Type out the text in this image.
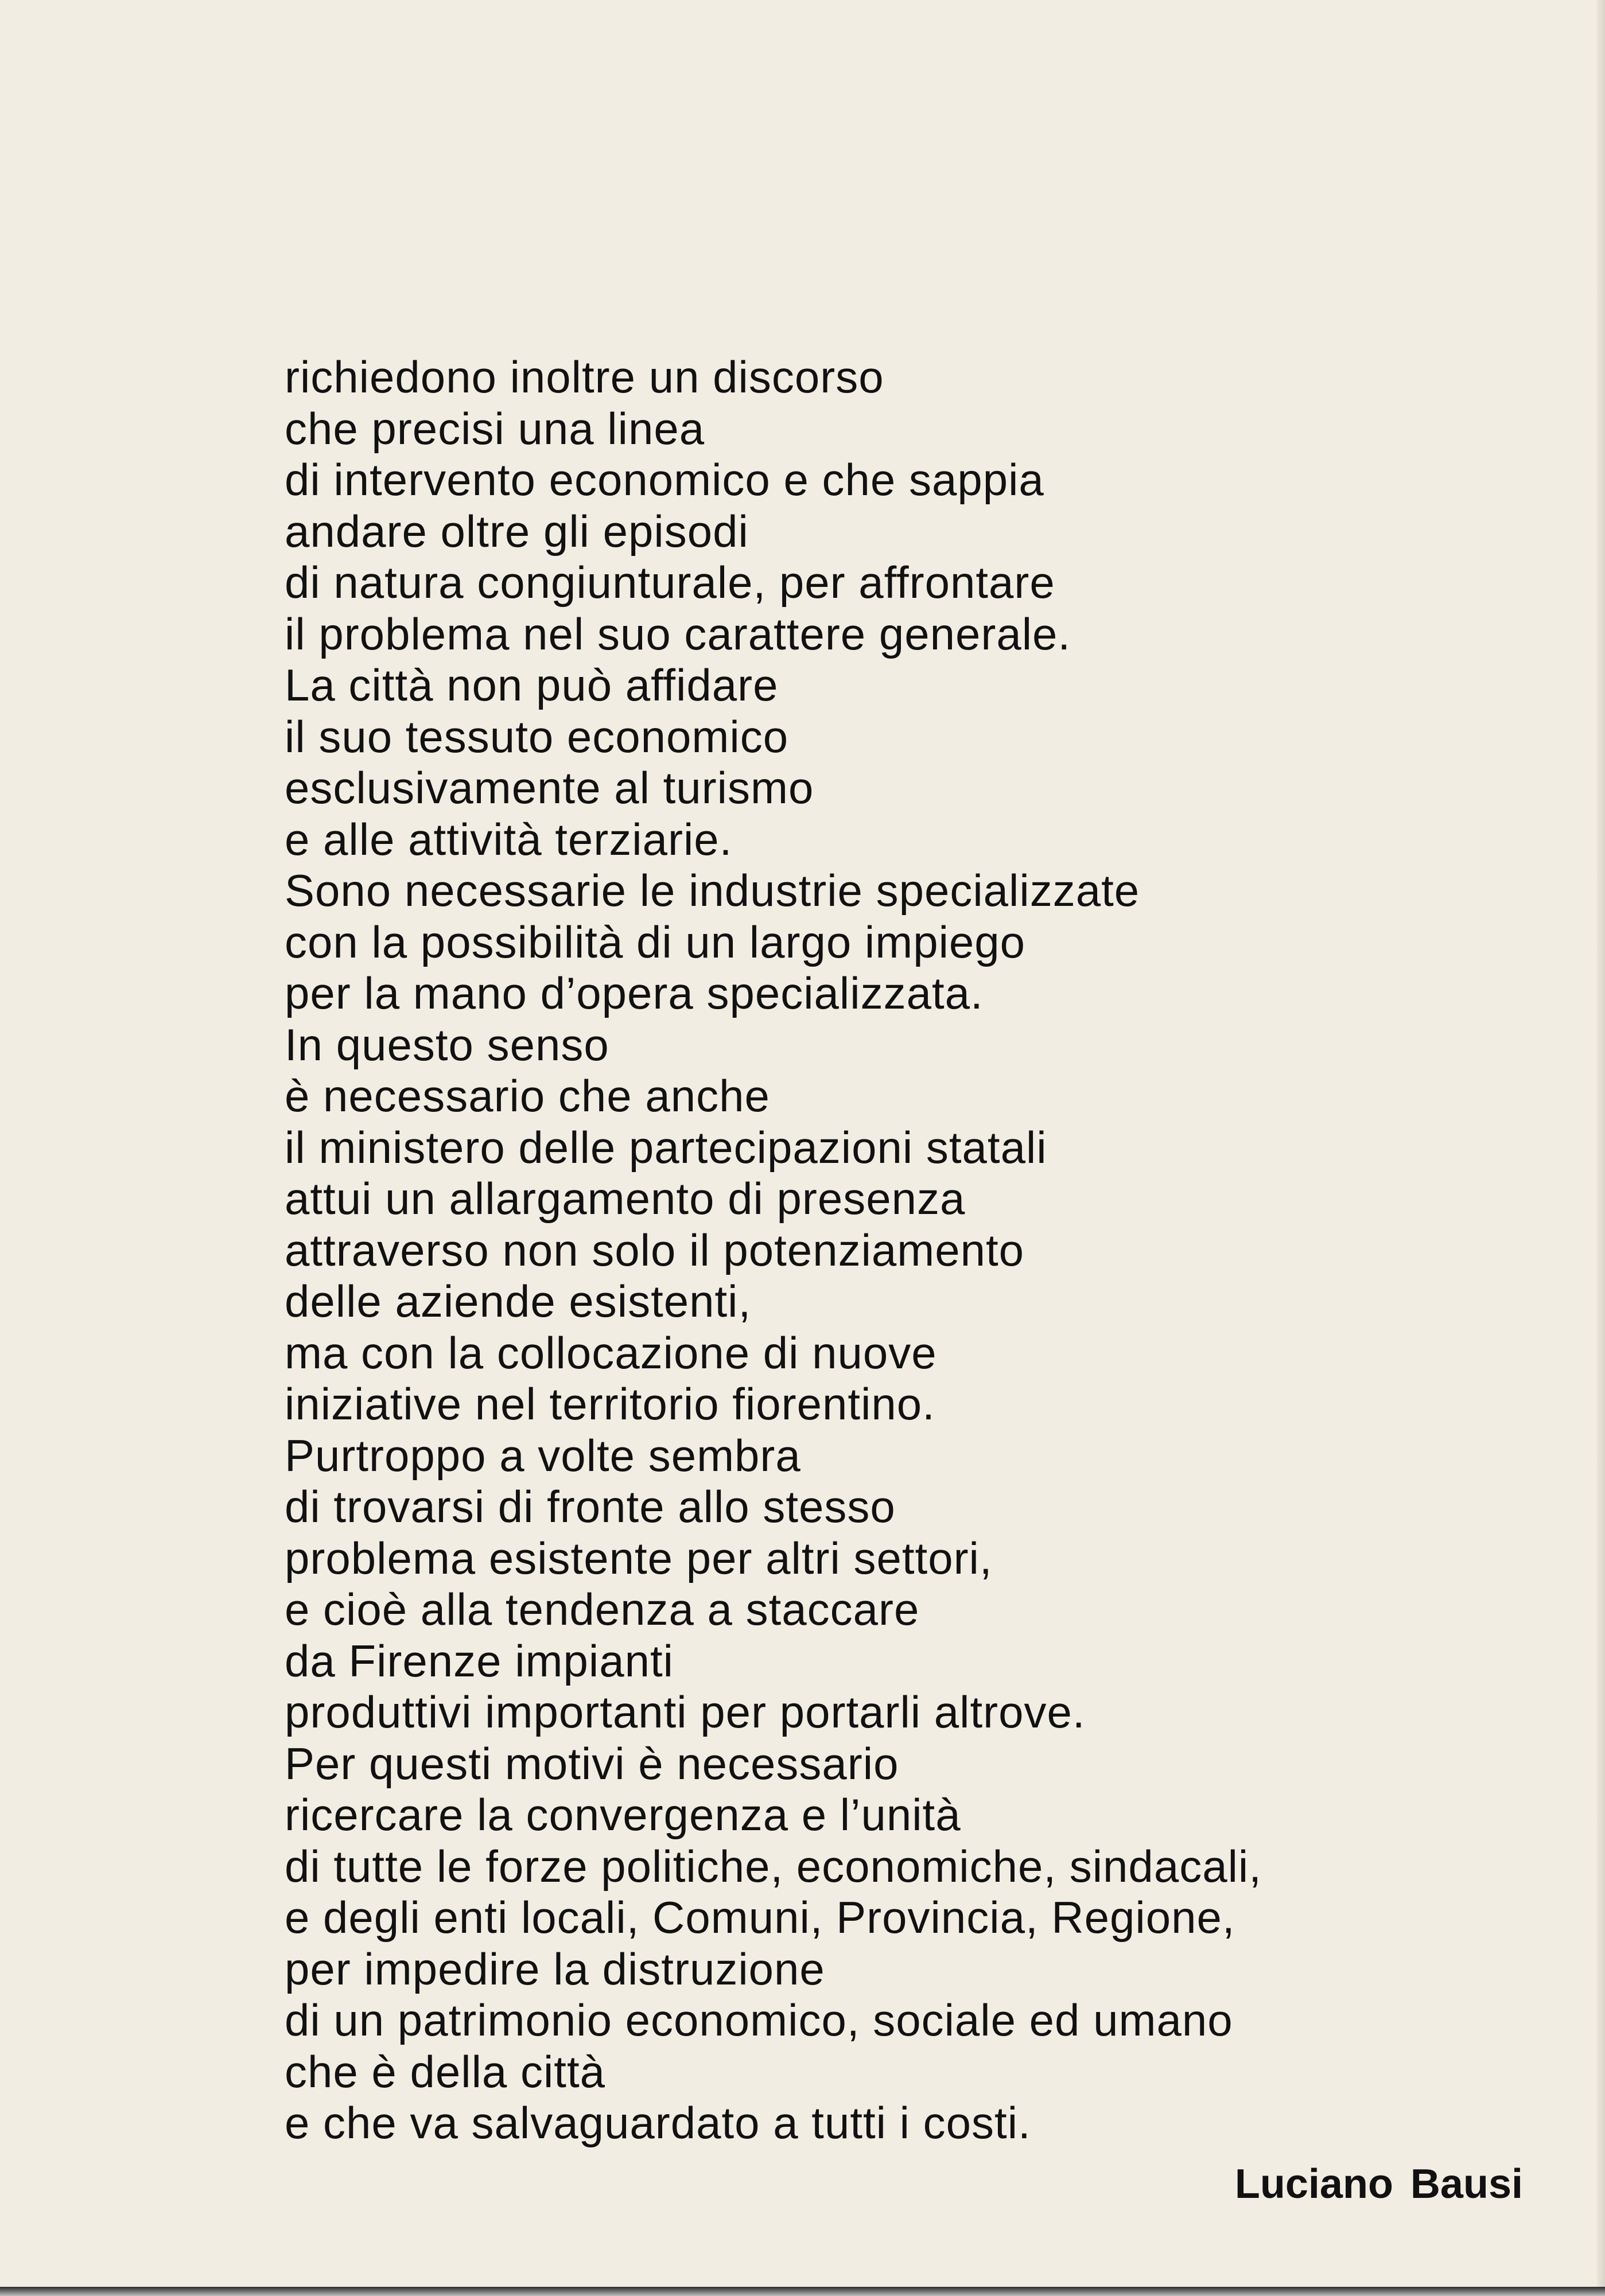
richiedono inoltre un discorso
che precisi una linea
di intervento economico e che sappia
andare oltre gli episodi
di natura congiunturale, per affrontare
il problema nel suo carattere generale.
La città non può affidare
il suo tessuto economico
esclusivamente al turismo
e alle attività terziarie.
Sono necessarie le industrie specializzate
con la possibilità di un largo impiego
per la mano d’opera specializzata.
In questo senso
è necessario che anche
il ministero delle partecipazioni statali
attui un allargamento di presenza
attraverso non solo il potenziamento
delle aziende esistenti,
ma con la collocazione di nuove
iniziative nel territorio fiorentino.
Purtroppo a volte sembra
di trovarsi di fronte allo stesso
problema esistente per altri settori,
e cioè alla tendenza a staccare
da Firenze impianti
produttivi importanti per portarli altrove.
Per questi motivi è necessario
ricercare la convergenza e l’unità
di tutte le forze politiche, economiche, sindacali,
e degli enti locali, Comuni, Provincia, Regione,
per impedire la distruzione
di un patrimonio economico, sociale ed umano
che è della città
e che va salvaguardato a tutti i costi.
Luciano Bausi
